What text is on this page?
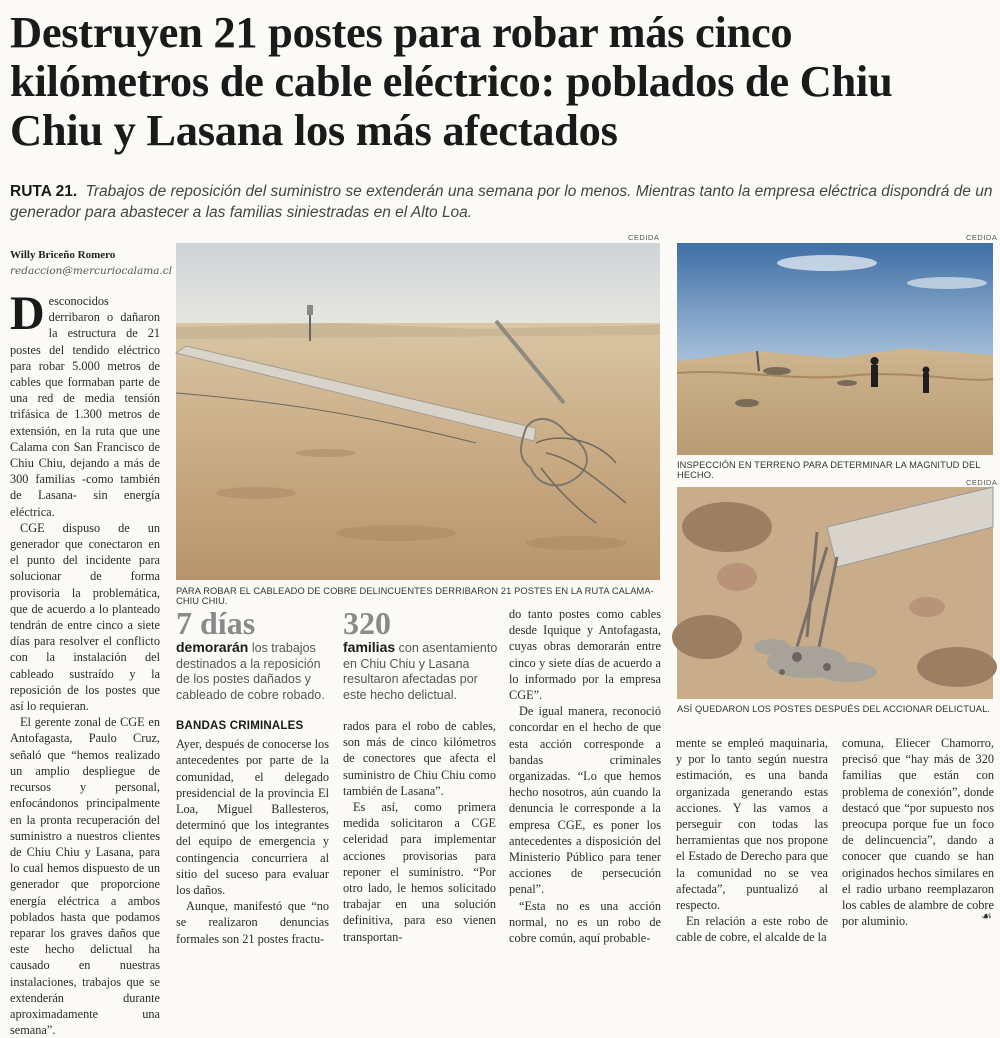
Destruyen 21 postes para robar más cinco kilómetros de cable eléctrico: poblados de Chiu Chiu y Lasana los más afectados
RUTA 21. Trabajos de reposición del suministro se extenderán una semana por lo menos. Mientras tanto la empresa eléctrica dispondrá de un generador para abastecer a las familias siniestradas en el Alto Loa.
Willy Briceño Romero
redaccion@mercuriocalama.cl

Desconocidos derribaron o dañaron la estructura de 21 postes del tendido eléctrico para robar 5.000 metros de cables que formaban parte de una red de media tensión trifásica de 1.300 metros de extensión, en la ruta que une Calama con San Francisco de Chiu Chiu, dejando a más de 300 familias -como también de Lasana- sin energía eléctrica.

CGE dispuso de un generador que conectaron en el punto del incidente para solucionar de forma provisoria la problemática, que de acuerdo a lo planteado tendrán de entre cinco a siete días para resolver el conflicto con la instalación del cableado sustraído y la reposición de los postes que así lo requieran.

El gerente zonal de CGE en Antofagasta, Paulo Cruz, señaló que “hemos realizado un amplio despliegue de recursos y personal, enfocándonos principalmente en la pronta recuperación del suministro a nuestros clientes de Chiu Chiu y Lasana, para lo cual hemos dispuesto de un generador que proporcione energía eléctrica a ambos poblados hasta que podamos reparar los graves daños que este hecho delictual ha causado en nuestras instalaciones, trabajos que se extenderán durante aproximadamente una semana”.

CEDIDA
PARA ROBAR EL CABLEADO DE COBRE DELINCUENTES DERRIBARON 21 POSTES EN LA RUTA CALAMA-CHIU CHIU.
7 días
demorarán los trabajos destinados a la reposición de los postes dañados y cableado de cobre robado.
320
familias con asentamiento en Chiu Chiu y Lasana resultaron afectadas por este hecho delictual.
BANDAS CRIMINALES

Ayer, después de conocerse los antecedentes por parte de la comunidad, el delegado presidencial de la provincia El Loa, Miguel Ballesteros, determinó que los integrantes del equipo de emergencia y contingencia concurriera al sitio del suceso para evaluar los daños.

Aunque, manifestó que “no se realizaron denuncias formales son 21 postes fractu-

rados para el robo de cables, son más de cinco kilómetros de conectores que afecta el suministro de Chiu Chiu como también de Lasana”.

Es así, como primera medida solicitaron a CGE celeridad para implementar acciones provisorias para reponer el suministro. “Por otro lado, le hemos solicitado trabajar en una solución definitiva, para eso vienen transportan-

do tanto postes como cables desde Iquique y Antofagasta, cuyas obras demorarán entre cinco y siete días de acuerdo a lo informado por la empresa CGE”.

De igual manera, reconoció concordar en el hecho de que esta acción corresponde a bandas criminales organizadas. “Lo que hemos hecho nosotros, aún cuando la denuncia le corresponde a la empresa CGE, es poner los antecedentes a disposición del Ministerio Público para tener acciones de persecución penal”.

“Esta no es una acción normal, no es un robo de cobre común, aquí probable-

CEDIDA
INSPECCIÓN EN TERRENO PARA DETERMINAR LA MAGNITUD DEL HECHO.
CEDIDA
ASÍ QUEDARON LOS POSTES DESPUÉS DEL ACCIONAR DELICTUAL.

mente se empleó maquinaria, y por lo tanto según nuestra estimación, es una banda organizada generando estas acciones. Y las vamos a perseguir con todas las herramientas que nos propone el Estado de Derecho para que la comunidad no se vea afectada”, puntualizó al respecto.

En relación a este robo de cable de cobre, el alcalde de la

comuna, Eliecer Chamorro, precisó que “hay más de 320 familias que están con problema de conexión”, donde destacó que “por supuesto nos preocupa porque fue un foco de delincuencia”, dando a conocer que cuando se han originados hechos similares en el radio urbano reemplazaron los cables de alambre de cobre por aluminio.	☙
